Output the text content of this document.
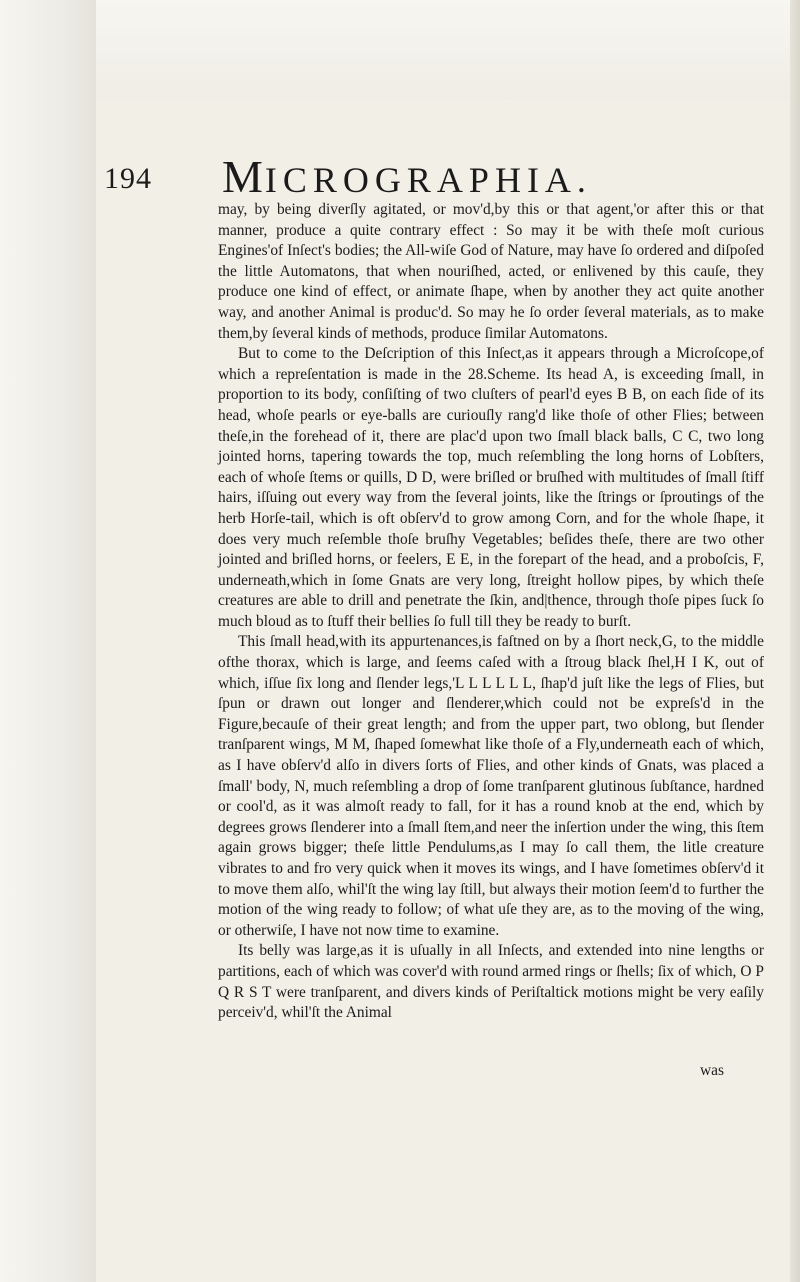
194 MICROGRAPHIA.

may, by being diverſly agitated, or mov'd,by this or that agent,'or after this or that manner, produce a quite contrary effect : So may it be with theſe moſt curious Engines'of Inſect's bodies; the All-wiſe God of Nature, may have ſo ordered and diſpoſed the little Automatons, that when nouriſhed, acted, or enlivened by this cauſe, they produce one kind of effect, or animate ſhape, when by another they act quite another way, and another Animal is produc'd. So may he ſo order ſeveral materials, as to make them,by ſeveral kinds of methods, produce ſimilar Automatons.

But to come to the Deſcription of this Inſect,as it appears through a Microſcope,of which a repreſentation is made in the 28.Scheme. Its head A, is exceeding ſmall, in proportion to its body, conſiſting of two cluſters of pearl'd eyes B B, on each ſide of its head, whoſe pearls or eye-balls are curiouſly rang'd like thoſe of other Flies; between theſe,in the forehead of it, there are plac'd upon two ſmall black balls, C C, two long jointed horns, tapering towards the top, much reſembling the long horns of Lobſters, each of whoſe ſtems or quills, D D, were briſled or bruſhed with multitudes of ſmall ſtiff hairs, iſſuing out every way from the ſeveral joints, like the ſtrings or ſproutings of the herb Horſe-tail, which is oft obſerv'd to grow among Corn, and for the whole ſhape, it does very much reſemble thoſe bruſhy Vegetables; beſides theſe, there are two other jointed and briſled horns, or feelers, E E, in the forepart of the head, and a proboſcis, F, underneath,which in ſome Gnats are very long, ſtreight hollow pipes, by which theſe creatures are able to drill and penetrate the ſkin, and|thence, through thoſe pipes ſuck ſo much bloud as to ſtuff their bellies ſo full till they be ready to burſt.

This ſmall head,with its appurtenances,is faſtned on by a ſhort neck,G, to the middle ofthe thorax, which is large, and ſeems caſed with a ſtroug black ſhel,H I K, out of which, iſſue ſix long and ſlender legs,'L L L L L L, ſhap'd juſt like the legs of Flies, but ſpun or drawn out longer and ſlenderer,which could not be expreſs'd in the Figure,becauſe of their great length; and from the upper part, two oblong, but ſlender tranſparent wings, M M, ſhaped ſomewhat like thoſe of a Fly,underneath each of which, as I have obſerv'd alſo in divers ſorts of Flies, and other kinds of Gnats, was placed a ſmall' body, N, much reſembling a drop of ſome tranſparent glutinous ſubſtance, hardned or cool'd, as it was almoſt ready to fall, for it has a round knob at the end, which by degrees grows ſlenderer into a ſmall ſtem,and neer the inſertion under the wing, this ſtem again grows bigger; theſe little Pendulums,as I may ſo call them, the litle creature vibrates to and fro very quick when it moves its wings, and I have ſometimes obſerv'd it to move them alſo, whil'ſt the wing lay ſtill, but always their motion ſeem'd to further the motion of the wing ready to follow; of what uſe they are, as to the moving of the wing, or otherwiſe, I have not now time to examine.

Its belly was large,as it is uſually in all Inſects, and extended into nine lengths or partitions, each of which was cover'd with round armed rings or ſhells; ſix of which, O P Q R S T were tranſparent, and divers kinds of Periſtaltick motions might be very eaſily perceiv'd, whil'ſt the Animal

was
